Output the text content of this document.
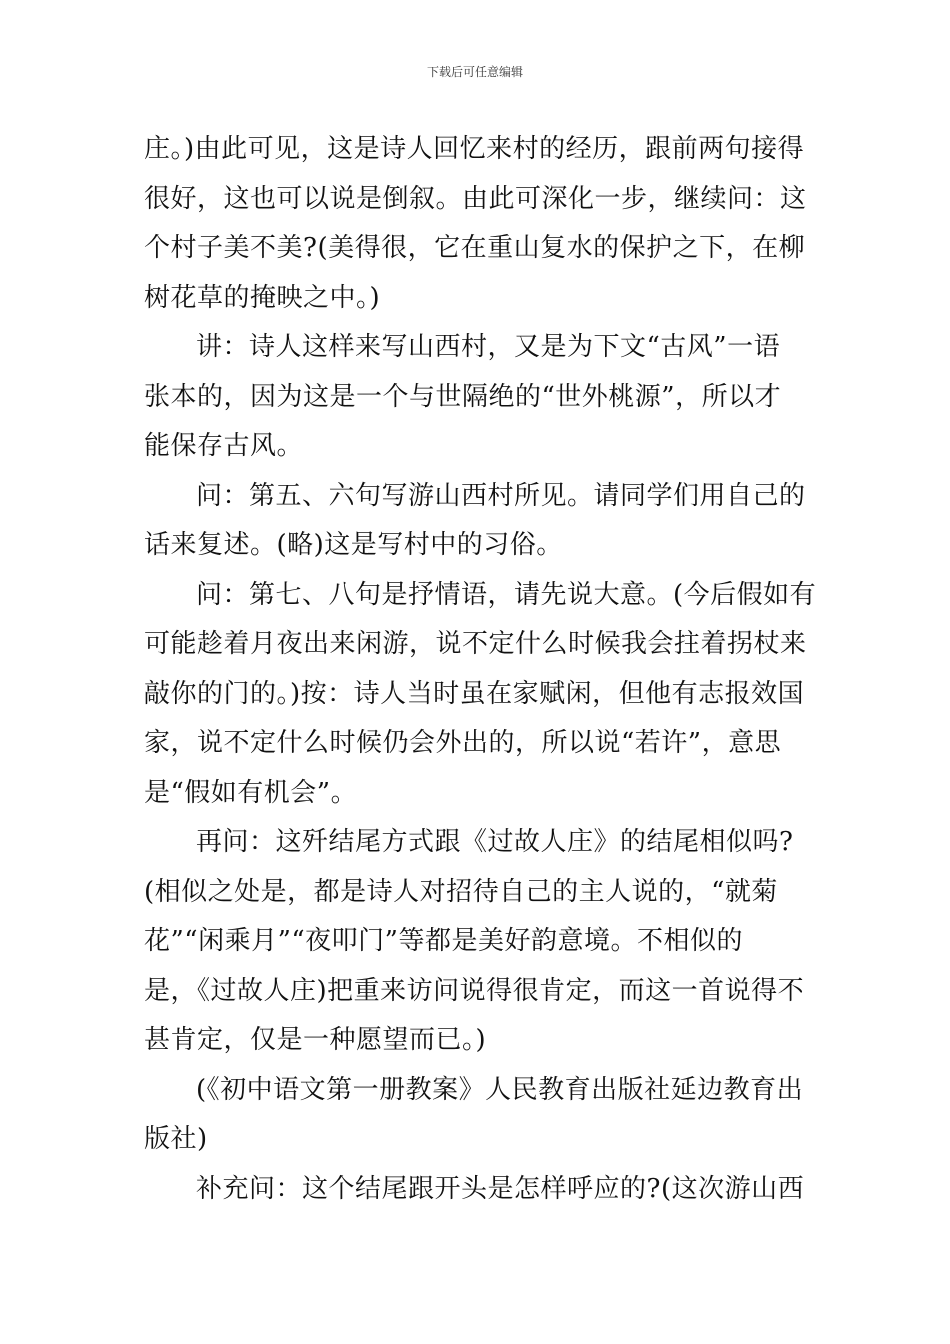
下载后可任意编辑
庄。)由此可见，这是诗人回忆来村的经历，跟前两句接得
很好，这也可以说是倒叙。由此可深化一步，继续问：这
个村子美不美?(美得很，它在重山复水的保护之下，在柳
树花草的掩映之中。)
讲：诗人这样来写山西村，又是为下文“古风”一语
张本的，因为这是一个与世隔绝的“世外桃源”，所以才
能保存古风。
问：第五、六句写游山西村所见。请同学们用自己的
话来复述。(略)这是写村中的习俗。
问：第七、八句是抒情语，请先说大意。(今后假如有
可能趁着月夜出来闲游，说不定什么时候我会拄着拐杖来
敲你的门的。)按：诗人当时虽在家赋闲，但他有志报效国
家，说不定什么时候仍会外出的，所以说“若许”，意思
是“假如有机会”。
再问：这歼结尾方式跟《过故人庄》的结尾相似吗?
(相似之处是，都是诗人对招待自己的主人说的，“就菊
花”“闲乘月”“夜叩门”等都是美好韵意境。不相似的
是，《过故人庄)把重来访问说得很肯定，而这一首说得不
甚肯定，仅是一种愿望而已。)
(《初中语文第一册教案》人民教育出版社延边教育出
版社)
补充问：这个结尾跟开头是怎样呼应的?(这次游山西
